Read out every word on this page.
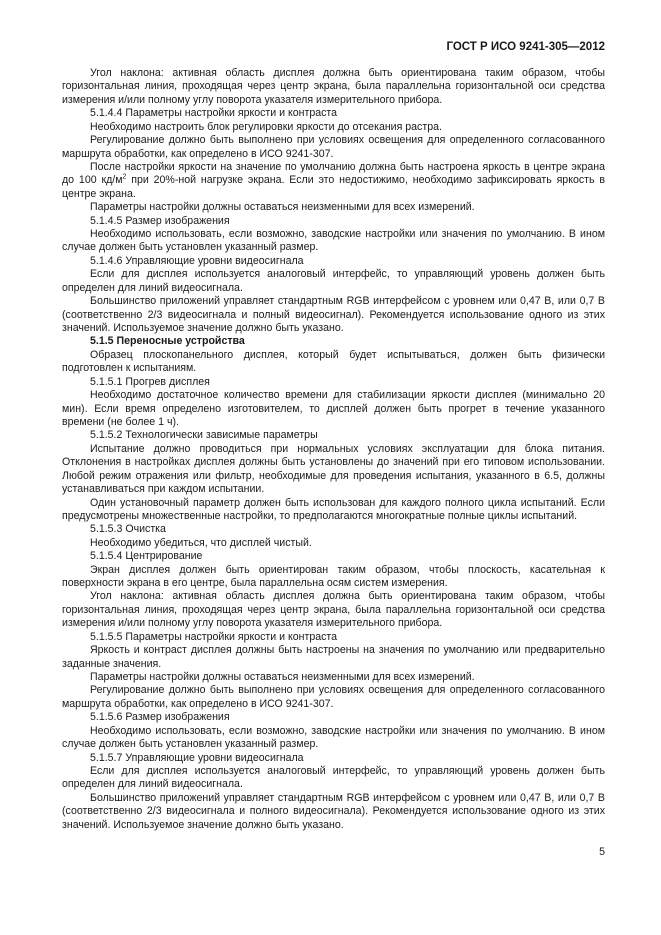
ГОСТ Р ИСО 9241-305—2012

Угол наклона: активная область дисплея должна быть ориентирована таким образом, чтобы горизонтальная линия, проходящая через центр экрана, была параллельна горизонтальной оси средства измерения и/или полному углу поворота указателя измерительного прибора.

5.1.4.4 Параметры настройки яркости и контраста

Необходимо настроить блок регулировки яркости до отсекания растра.

Регулирование должно быть выполнено при условиях освещения для определенного согласованного маршрута обработки, как определено в ИСО 9241-307.

После настройки яркости на значение по умолчанию должна быть настроена яркость в центре экрана до 100 $кд/м^2$ при 20%-ной нагрузке экрана. Если это недостижимо, необходимо зафиксировать яркость в центре экрана.

Параметры настройки должны оставаться неизменными для всех измерений.

5.1.4.5 Размер изображения

Необходимо использовать, если возможно, заводские настройки или значения по умолчанию. В ином случае должен быть установлен указанный размер.

5.1.4.6 Управляющие уровни видеосигнала

Если для дисплея используется аналоговый интерфейс, то управляющий уровень должен быть определен для линий видеосигнала.

Большинство приложений управляет стандартным RGB интерфейсом с уровнем или 0,47 В, или 0,7 В (соответственно 2/3 видеосигнала и полный видеосигнал). Рекомендуется использование одного из этих значений. Используемое значение должно быть указано.

5.1.5 Переносные устройства

Образец плоскопанельного дисплея, который будет испытываться, должен быть физически подготовлен к испытаниям.

5.1.5.1 Прогрев дисплея

Необходимо достаточное количество времени для стабилизации яркости дисплея (минимально 20 мин). Если время определено изготовителем, то дисплей должен быть прогрет в течение указанного времени (не более 1 ч).

5.1.5.2 Технологически зависимые параметры

Испытание должно проводиться при нормальных условиях эксплуатации для блока питания. Отклонения в настройках дисплея должны быть установлены до значений при его типовом использовании. Любой режим отражения или фильтр, необходимые для проведения испытания, указанного в 6.5, должны устанавливаться при каждом испытании.

Один установочный параметр должен быть использован для каждого полного цикла испытаний. Если предусмотрены множественные настройки, то предполагаются многократные полные циклы испытаний.

5.1.5.3 Очистка

Необходимо убедиться, что дисплей чистый.

5.1.5.4 Центрирование

Экран дисплея должен быть ориентирован таким образом, чтобы плоскость, касательная к поверхности экрана в его центре, была параллельна осям систем измерения.

Угол наклона: активная область дисплея должна быть ориентирована таким образом, чтобы горизонтальная линия, проходящая через центр экрана, была параллельна горизонтальной оси средства измерения и/или полному углу поворота указателя измерительного прибора.

5.1.5.5 Параметры настройки яркости и контраста

Яркость и контраст дисплея должны быть настроены на значения по умолчанию или предварительно заданные значения.

Параметры настройки должны оставаться неизменными для всех измерений.

Регулирование должно быть выполнено при условиях освещения для определенного согласованного маршрута обработки, как определено в ИСО 9241-307.

5.1.5.6 Размер изображения

Необходимо использовать, если возможно, заводские настройки или значения по умолчанию. В ином случае должен быть установлен указанный размер.

5.1.5.7 Управляющие уровни видеосигнала

Если для дисплея используется аналоговый интерфейс, то управляющий уровень должен быть определен для линий видеосигнала.

Большинство приложений управляет стандартным RGB интерфейсом с уровнем или 0,47 В, или 0,7 В (соответственно 2/3 видеосигнала и полного видеосигнала). Рекомендуется использование одного из этих значений. Используемое значение должно быть указано.

5
